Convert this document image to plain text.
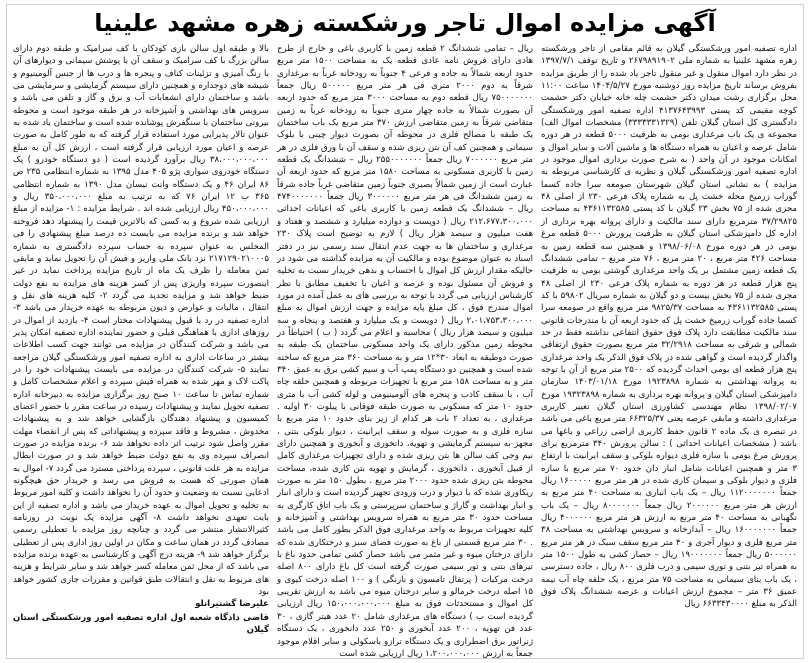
آگهی مزایده اموال تاجر ورشکسته زهره مشهد علینیا

اداره تصفیه امور ورشکستگی گیلان به قائم مقامی از تاجر ورشکسته زهره مشهد علینیا به شماره ملی ۲۶۷۹۸۹۱۹۰۲ و تاریخ توقف ۱۳۹۷/۷/۱ در نظر دارد اموال منقول و غیر منقول تاجر یاد شده را از طریق مزایده بفروش برساند تاریخ مزایده روز دوشنبه مورخ ۱۴۰۴/۵/۲۷ ساعت ۱۱:۰۰ محل برگزاری رشت میدان دکتر حشمت چله خانه خیابان دکتر حشمت کوچه مقیمی کد پستی ۴۱۳۷۶۴۳۹۹۳ اداره تصفیه امور ورشکستگی دادگستری کل استان گیلان تلفن (۳۳۳۳۳۳۱۳۲۹) مشخصات اموال الف) مجموعه ی یک باب مرغداری بومی به ظرفیت ۵۰۰۰ قطعه در هر دوره شامل عرصه و اعیان به همراه دستگاه ها و ماشین آلات و سایر اموال و امکانات موجود در آن واحد ( به شرح صورت برداری اموال موجود در اداره تصفیه امور ورشکستگی گیلان و نظریه ی کارشناسی مربوطه به مزایده ) به نشانی استان گیلان شهرستان صومعه سرا جاده کسما گوراب زرمیخ محله خشت پل به شماره پلاک فرعی ۲۳۰ از اصلی ۴۸ مجزی شده از ۷۵ بخش ۲۳ گیلان با کد پستی ۴۳۶۱۱۳۲۵۸۵ به مساحت ۳۷/۲۹۸۲۵ مترمربع دارای سند مالکیت و دارای پروانه بهره برداری از اداره کل دامپزشکی استان گیلان به ظرفیت پرورش ۵۰۰۰ قطعه مرغ بومی در هر دوره مورخ ۱۳۹۸/۰۶/۰۸ و همچنین سه قطعه زمین به مساحت ۴۲۶ متر مربع ، ۲۰ متر مربع ، ۷۶ متر مربع – تمامی ششدانگ یک قطعه زمین مشتمل بر یک واحد مرغداری گوشتی بومی به ظرفیت پنج هزار قطعه در هر دوره به شماره پلاک فرعی ۲۳۰ از اصلی ۴۸ مجزی شده از ۷۵ بخش بیست و دو گیلان به شماره سریال ۵۹۸۰۲ با کد پستی ۴۳۶۱۱۳۲۵۸۵ به مساحت ۹۸۲۵/۳۷ متر مربع واقع در صومعه سرا کسما جاده گوراب زرمیخ خشت پل که حدود اربعه آن با مندرجات قانونی سند مالکیت مطابقت دارد پلاک فوق حقوق انتفاعی نداشته فقط در حد شمالی و شرقی به مساحت ۳۲/۲۹۱۸ متر مربع بصورت حقوق ارتفاقی واگذار گردیده است و گواهی شده در پلاک فوق الذکر یک واحد مرغداری پنج هزار قطعه ای بومی احداث گردیده که ۲۵۰۰ متر مربع از آن با توجه به پروانه بهداشتی به شماره ۱۹۲۳۸۹۸ مورخ ۱۴۰۳/۰۱/۱۸ سازمان دامپزشکی استان گیلان و پروانه بهره برداری به شماره ۱۹۳۲۳۸۹۸ مورخ ۱۳۹۸/۰۲/۰۷ نظام مهندسی کشاورزی استان گیلان تغییر کاربری مرغداری داشته و مابقی عرصه یعنی ۶۶۳۲۵/۳۷ متر مربع باغی می باشد در تبصره ی یک ماده ۲ قانون حفظ کاربری اراضی زراعی و باغها می باشد ( مشخصات اعیانات احداثی ) : سالن پرورش ۳۴۰ مترمربع برای پرورش مرغ بومی با سازه فلزی دیواره بلوکی و سقف ایرانیت با ارتفاع ۳ متر و همچنین اعیانات شامل انبار دان حدود ۷۰ متر مربع با سازه فلزی و دیوار بلوکی و سیمان کاری شده در هر متر مربع ۱۶۰۰۰۰۰ ریال جمعاً ۱۱۲۰۰۰۰۰۰۰ ریال – یک باب انباری به مساحت ۴۰ متر مربع به ارزش هر متر مربع ۲۰۰۰۰۰۰ ریال جمعاً ۸۰۰۰۰۰۰۰ ریال – یک باب نگهبانی به مساحت ۴۰ متر مربع به ارزش هر متر مربع ۴۰۰۰۰۰۰ ریال جمعاً ۱۶۰۰۰۰۰۰۰ ریال – آبدارخانه و سرویس بهداشتی به مساحت ۳۸ متر مربع فلزی و دیوار آجری و ۴۰ متر مربع سقف سبک در هر متر مربع ۵۰۰۰۰۰۰ ریال جمعاً ۱۹۰۰۰۰۰۰۰ ریال – حصار کشی به طول ۱۵۰۰ متر به همراه تیر بتنی و توری سیمی و درب فلزی ۸۰۰ ریال ، جاده دسترسی ، یک باب بنای سیمانی به مساحت ۷۵ متر مربع ، یک حلقه چاه آب نیمه عمیق ۳۶ متر – مجموع ارزش اعیانات و عرصه ششدانگ پلاک فوق الذکر به مبلغ ۶۶۳۳۴۳۰۰۰۰ ریال

ریال – تمامی ششدانگ ۲ قطعه زمین با کاربری باغی و خارج از طرح هادی دارای فروش نامه عادی قطعه یک به مساحت ۱۵۰۰ متر مربع حدود اربعه شمالاً به جاده و فرعی ۴ جنوباً به رودخانه غرباً به مرغداری شرقاً به دوم ۲۰۰۰ متری فی هر متر مربع ۵۰۰۰۰۰ ریال جمعاً ۷۵۰۰۰۰۰۰۰ ریال قطعه دوم به مساحت ۳۰۰۰ متر مربع که حدود اربعه آن بصورت شمالاً به جاده چهار متری جنوباً به رودخانه غرباً به زمین متقاضی شرقاً به زمین متقاضی ارزش ۳۷۰ متر مربع یک باب ساختمان یک طبقه با مصالح فلزی در محوطه آن بصورت دیوار چینی با بلوک سیمانی و همچنین کف آن بتن ریزی شده و سقف آن با ورق فلزی در هر متر مربع ۷۰۰۰۰۰۰ ریال جمعاً ۲۵۵۰۰۰۰۰۰۰ ریال – ششدانگ یک قطعه زمین با کاربری مسکونی به مساحت ۱۵۸۰ متر مربع که حدود اربعه آن عبارت است از زمین شمالاً بصیری جنوباً زمین متقاضی غرباً جاده شرقاً به زمین ششدانگ فی هر متر مربع ۳۰۰۰۰۰۰ ریال جمعاً ۴۷۴۰۰۰۰۰۰۰ ریال – ششدانگ یک قطعه زمین با کاربری باغی که اعیانات احداثی ۲۱۲،۶۷۷،۳۰۰،۰۰۰ ریال ( دویست و دوازده میلیارد و ششصد و هفتاد و هفت میلیون و سیصد هزار ریال ) لازم به توضیح است پلاک ۲۳۰ مرغداری و ساختمان ها به جهت عدم انتقال سند رسمی نیز در دفتر اسناد به عنوان موضوع بوده و مالکیت آن به مزایده گذاشته می شود در حالیکه مقدار ارزش کل اموال با احتساب و بدهی خریدار نسبت به تخلیه و فروش آن مسئول بوده و عرصه و اعیان با تخفیف مطابق با نظر کارشناس ارزیابی می گردد با توجه به بررسی های به عمل آمده در مورد اموال مندرج فوق ، کل مبلغ پایه مزایده و جهت ارزش اموال به مبلغ ۲،۰۱،۷۵۳،۳۰۰،۰۰۰ ریال ( دویست و یک میلیارد و هفتصد و پنجاه و سه میلیون و سیصد هزار ریال ) محاسبه و اعلام می گردد ( ب ) احتیاطاً در محوطه زمین مذکور دارای یک واحد مسکونی ساختمان یک طبقه به صورت دوطبقه به ابعاد ۳۰*۱۲ متر و به مساحت ۳۶۰ متر مربع که ساخته شده است و همچنین دو دستگاه پمپ آب و سیم کشی برق به عمق ۳۴۰ متر و به مساحت ۱۵۸ متر مربع با تجهیزات مربوطه و همچنین حلقه چاه آب ، با سقف کاذب و پنجره های آلومینیومی و لوله کشی آب با متری حدود ۱۰ متر که مسکونی به صورت طبقه فوقانی با پیلوت ۳۰ اولیه . مرغداری ، به تعداد ۲ باب هر کدام از زیر بنای حدود ۱۰ متر مربع با سازه فلزی و به صورت سوله و سقف ایرانیت ، دیوار بلوکی بتنی ، مجهز به سیستم گرمایشی و تهویه، دانخوری و آبخوری و همچنین دارای نیم وجی کف سالن ها بتن ریزی شده و دارای تجهیزات مرغداری کامل از قبیل آبخوری ، دانخوری ، گرمایش و تهویه بتن کاری شده، مساحت محوطه بتن ریزی شده حدود ۲۰۰۰ متر مربع . بطول ۱۵۰ متر به صورت ریکاوری شده که با دیوار و درب ورودی تجهیز گردیده است و دارای انبار و انبار بهداشت و گاراژ و ساختمان سرپرستی و یک باب اتاق کارگری به مساحت حدود ۳۰ متر مربع به همراه سرویس بهداشتی و آشپزخانه و کلیه تجهیزات مربوط به واحد مرغداری فوق الذکر بطور کامل می باشد . ۳۰ متر مربع قسمتی از باغ به صورت فضای سبز و درختکاری شده که دارای درختان میوه و غیر مثمر می باشد حصار کشی تمامی حدود باغ با تیرهای بتنی و تور سیمی صورت گرفته است کل باغ دارای ۸۰۰ اصله درخت مرکبات ( پرتقال تامسون و نارنگی ) و ۱۰۰ اصله درخت کیوی و ۱۵ اصله درخت خرمالو و سایر درختان میوه می باشد به ارزش تقریبی کل اموال و مستحدثات فوق به مبلغ ۱۵۰،۰۰۰،۰۰۰،۰۰۰ ریال ارزیابی گردیده است ب ) دستگاه های مرغداری شامل ۲۰ عدد هیتر گازی ، ۳۰ عدد فن تهویه ، ۲۰۰ عدد آبخوری و ۲۵۰ عدد دانخوری ، یک دستگاه ژنراتور برق اضطراری و یک دستگاه ترازو باسکولی و سایر اقلام موجود جمعاً به ارزش ۱،۲۰۰،۰۰۰،۰۰۰ ریال ارزیابی شده است

بالا و طبقه اول سالن بازی کودکان با کف سرامیک و طبقه دوم دارای سالن بزرگ با کف سرامیک و سقف آن با پوشش سیمانی و دیوارهای آن با رنگ آمیزی و تزئینات کناف و پنجره ها و درب ها از جنس آلومینیوم و شیشه های دوجداره و همچنین دارای سیستم گرمایشی و سرمایشی می باشد و ساختمان دارای انشعابات آب و برق و گاز و تلفن می باشد و سرویس های بهداشتی و آشپزخانه در هر طبقه موجود است و محوطه بیرونی ساختمان با سنگفرش پوشانده شده است و ساختمان یاد شده به عنوان تالار پذیرایی مورد استفاده قرار گرفته که به طور کامل به صورت عرصه و اعیان مورد ارزیابی قرار گرفته است ، ارزش کل آن به مبلغ ۳۸،۰۰۰،۰۰۰،۰۰۰ ریال برآورد گردیده است ( دو دستگاه خودرو ) یک دستگاه خودروی سواری پژو ۴۰۵ مدل ۱۳۹۵ به شماره انتظامی ۲۳۵ ص ۸۶ ایران ۴۶ و یک دستگاه وانت نیسان مدل ۱۳۹۰ به شماره انتظامی ۳۶۵ ب ۱۲ ایران ۷۶ که به ترتیب به مبلغ ۳۵۰،۰۰۰،۰۰۰ ریال و ۴۵۰،۰۰۰،۰۰۰ ریال ارزیابی شده اند . شرایط مزایده : ۱- مزایده از مبلغ ارزیابی شده شروع و به کسی که بالاترین قیمت را پیشنهاد دهد فروخته خواهد شد و برنده مزایده می بایست ده درصد مبلغ پیشنهادی را فی المجلس به عنوان سپرده به حساب سپرده دادگستری به شماره ۲۱۷۱۲۹۰۲۱۰۰۰۵ نزد بانک ملی واریز و فیش آن را تحویل نماید و مابقی ثمن معامله را ظرف یک ماه از تاریخ مزایده پرداخت نماید در غیر اینصورت سپرده واریزی پس از کسر هزینه های مزایده به نفع دولت ضبط خواهد شد و مزایده تجدید می گردد ۲- کلیه هزینه های نقل و انتقال ، مالیات و عوارض و دیون مربوطه به عهده خریدار می باشد ۳- اداره تصفیه در رد یا قبول پیشنهادات مختار است ۴- بازدید از اموال در روزهای اداری با هماهنگی قبلی و حضور نماینده اداره تصفیه امکان پذیر می باشد و شرکت کنندگان در مزایده می توانند جهت کسب اطلاعات بیشتر در ساعات اداری به اداره تصفیه امور ورشکستگی گیلان مراجعه نمایند ۵- شرکت کنندگان در مزایده می بایست پیشنهادات خود را در پاکت لاک و مهر شده به همراه فیش سپرده و اعلام مشخصات کامل و شماره تماس تا ساعت ۱۰ صبح روز برگزاری مزایده به دبیرخانه اداره تصفیه تحویل نمایند و پیشنهادات رسیده در ساعت مقرر با حضور اعضای کمیسیون و پیشنهاد دهندگان بازگشایی خواهد شد و به پیشنهادات مخدوش ، مشروط و فاقد سپرده و پیشنهاداتی که پس از انقضاء مهلت مقرر واصل شود ترتیب اثر داده نخواهد شد ۶- برنده مزایده در صورت انصراف سپرده وی به نفع دولت ضبط خواهد شد و در صورت ابطال مزایده به هر علت قانونی ، سپرده پرداختی مسترد می گردد ۷- اموال به همان صورتی که هست به فروش می رسد و خریدار حق هیچگونه ادعایی نسبت به وضعیت و حدود آن را نخواهد داشت و کلیه امور مربوط به تخلیه و تحویل اموال به عهده خریدار می باشد و اداره تصفیه از این بابت تعهدی نخواهد داشت ۸- آگهی مزایده یک نوبت در روزنامه کثیرالانتشار منتشر می گردد و چنانچه روز مزایده با تعطیلی رسمی مصادف گردد در همان ساعت و مکان در اولین روز اداری پس از تعطیلی برگزار خواهد شد ۹- هزینه درج آگهی و کارشناسی به عهده برنده مزایده می باشد که از محل ثمن معامله کسر خواهد شد و سایر شرایط و هزینه های مربوط به نقل و انتقالات طبق قوانین و مقررات جاری کشور خواهد بود

علیرضا گشتیرانلو
قاضی دادگاه شعبه اول اداره تصفیه امور ورشکستگی استان گیلان
